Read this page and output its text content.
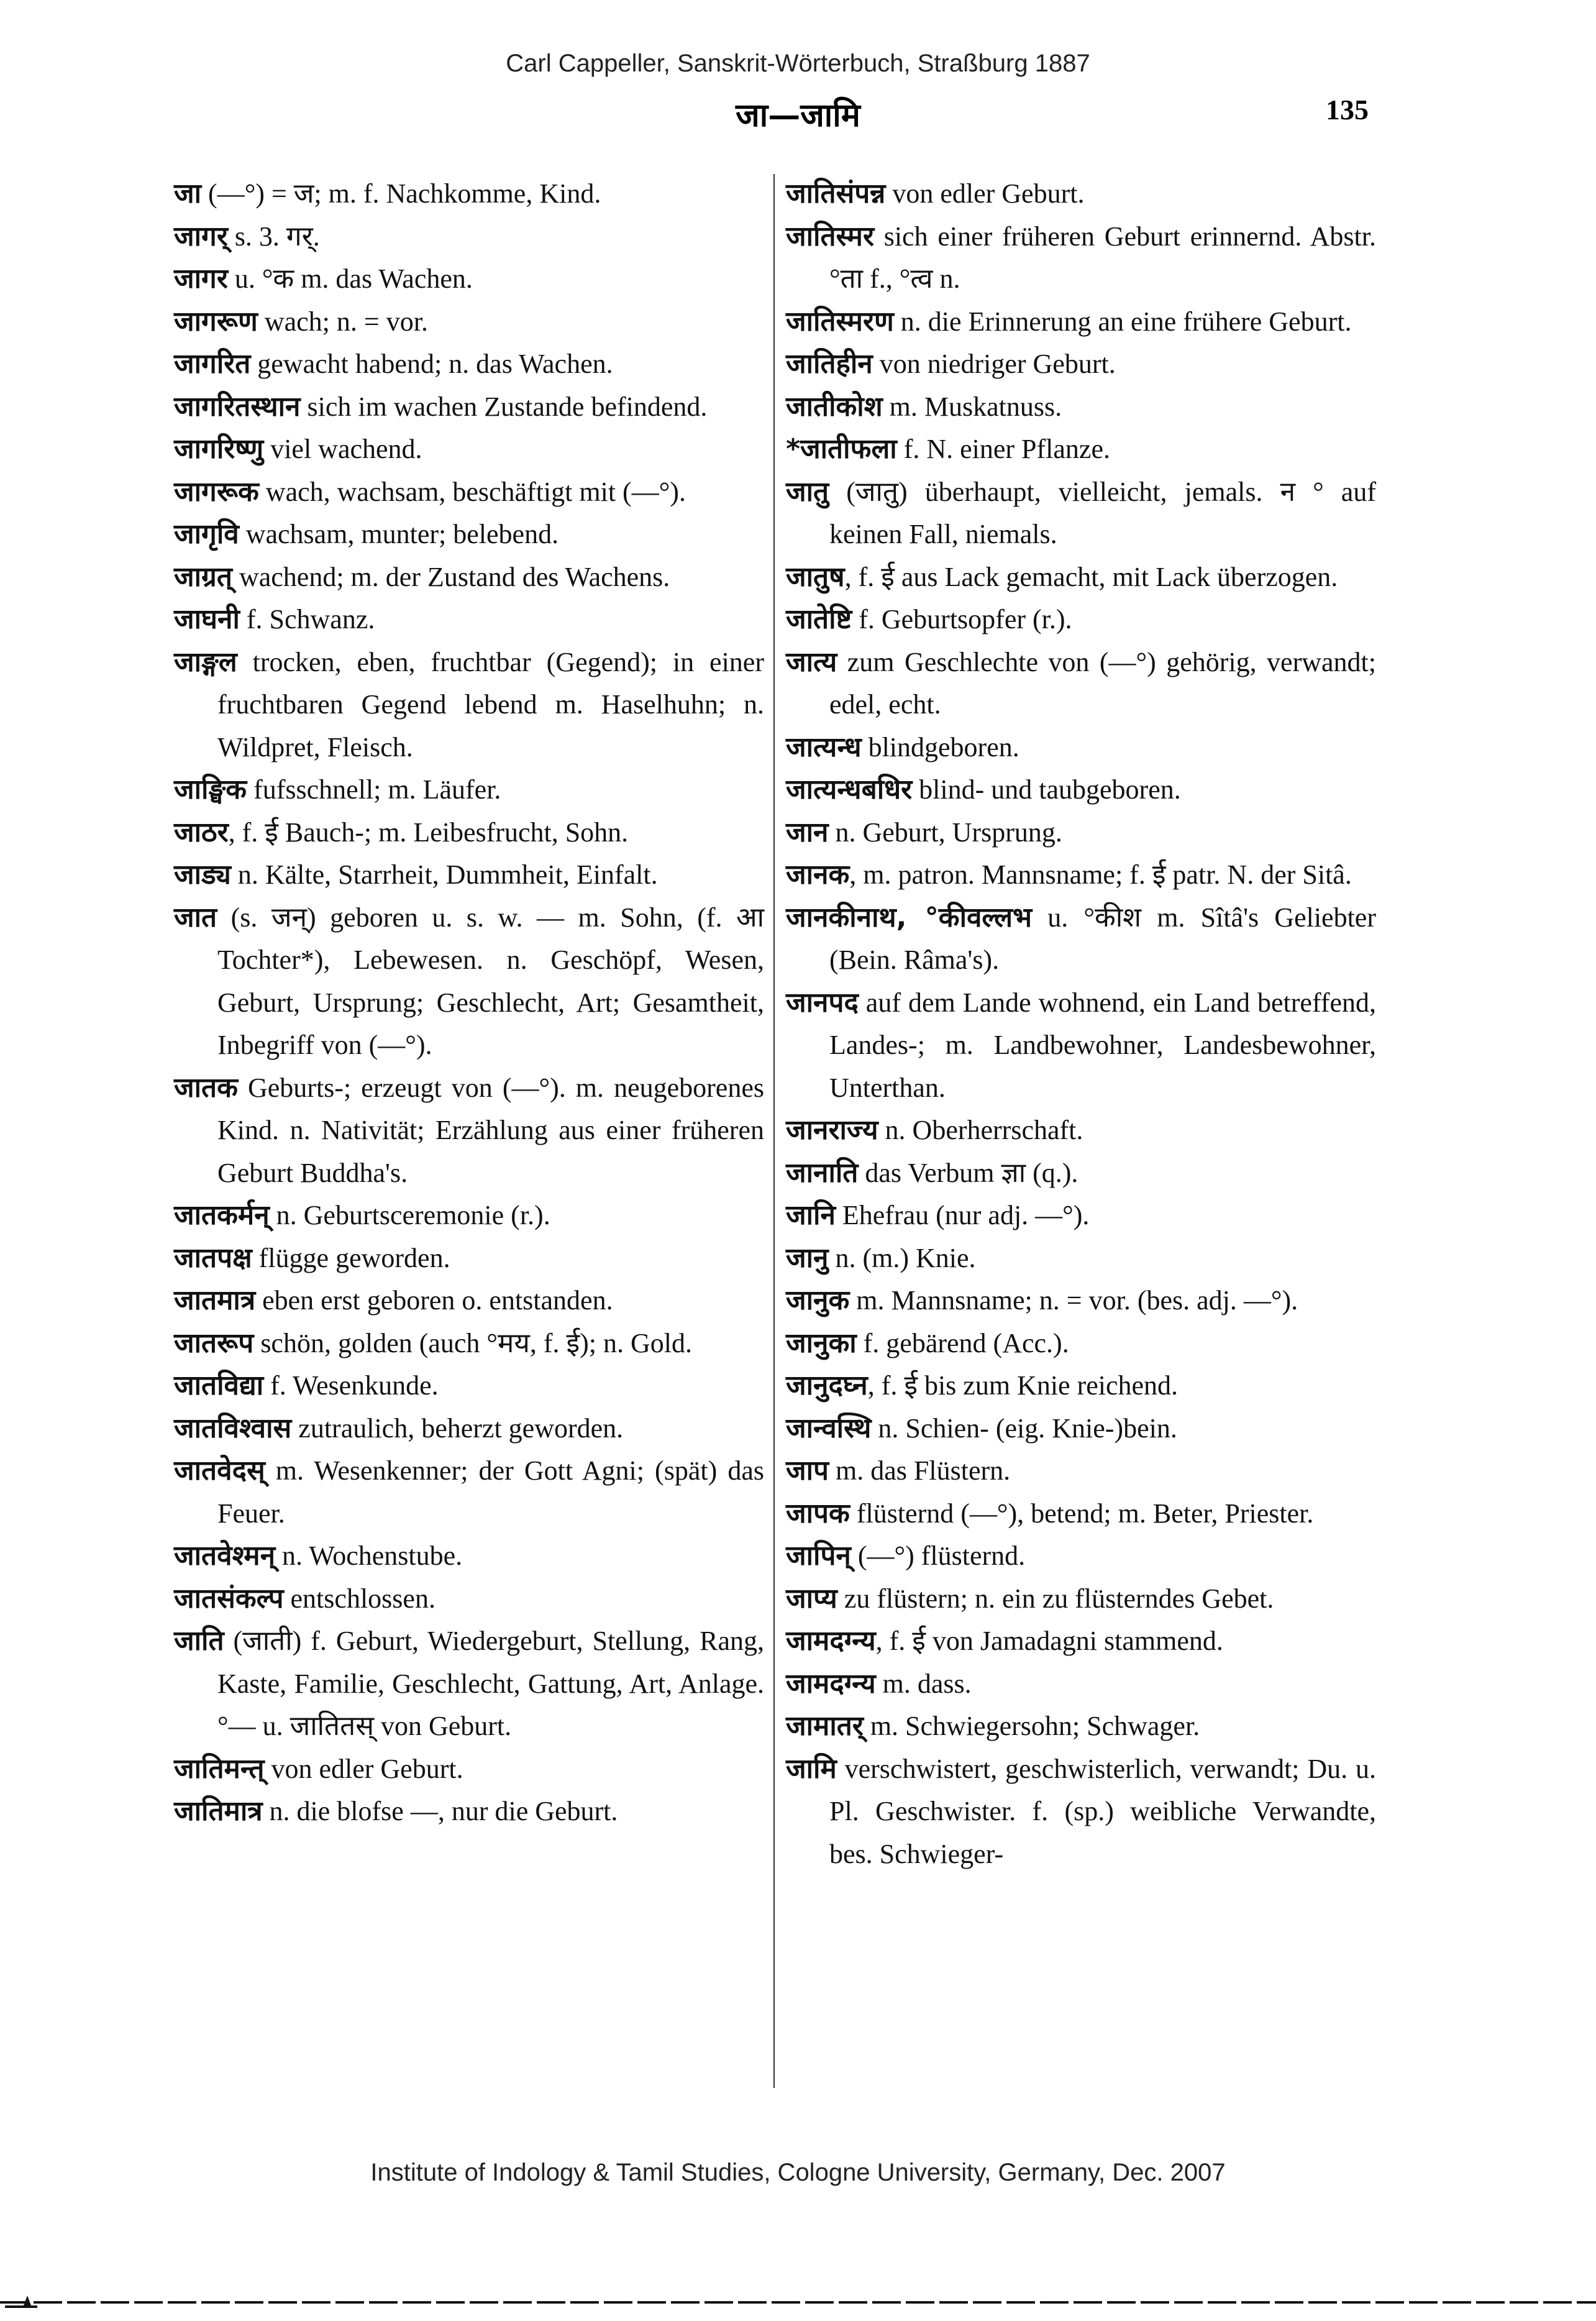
Carl Cappeller, Sanskrit-Wörterbuch, Straßburg 1887
जा—जामि	135

जा (—°) = ज; m. f. Nachkomme, Kind.

जागर् s. 3. गर्.

जागर u. °क m. das Wachen.

जागरूण wach; n. = vor.

जागरित gewacht habend; n. das Wachen.

जागरितस्थान sich im wachen Zustande befindend.

जागरिष्णु viel wachend.

जागरूक wach, wachsam, beschäftigt mit (—°).

जागृवि wachsam, munter; belebend.

जाग्रत् wachend; m. der Zustand des Wachens.

जाघनी f. Schwanz.

जाङ्गल trocken, eben, fruchtbar (Gegend); in einer fruchtbaren Gegend lebend m. Haselhuhn; n. Wildpret, Fleisch.

जाङ्घिक fufsschnell; m. Läufer.

जाठर, f. ई Bauch-; m. Leibesfrucht, Sohn.

जाड्य n. Kälte, Starrheit, Dummheit, Einfalt.

जात (s. जन्) geboren u. s. w. — m. Sohn, (f. आ Tochter*), Lebewesen. n. Geschöpf, Wesen, Geburt, Ursprung; Geschlecht, Art; Gesamtheit, Inbegriff von (—°).

जातक Geburts-; erzeugt von (—°). m. neugeborenes Kind. n. Nativität; Erzählung aus einer früheren Geburt Buddha's.

जातकर्मन् n. Geburtsceremonie (r.).

जातपक्ष flügge geworden.

जातमात्र eben erst geboren o. entstanden.

जातरूप schön, golden (auch °मय, f. ई); n. Gold.

जातविद्या f. Wesenkunde.

जातविश्वास zutraulich, beherzt geworden.

जातवेदस् m. Wesenkenner; der Gott Agni; (spät) das Feuer.

जातवेश्मन् n. Wochenstube.

जातसंकल्प entschlossen.

जाति (जाती) f. Geburt, Wiedergeburt, Stellung, Rang, Kaste, Familie, Geschlecht, Gattung, Art, Anlage. °— u. जातितस् von Geburt.

जातिमन्त् von edler Geburt.

जातिमात्र n. die blofse —, nur die Geburt.

जातिसंपन्न von edler Geburt.

जातिस्मर sich einer früheren Geburt erinnernd. Abstr. °ता f., °त्व n.

जातिस्मरण n. die Erinnerung an eine frühere Geburt.

जातिहीन von niedriger Geburt.

जातीकोश m. Muskatnuss.

*जातीफला f. N. einer Pflanze.

जातु (जातु) überhaupt, vielleicht, jemals. न ° auf keinen Fall, niemals.

जातुष, f. ई aus Lack gemacht, mit Lack überzogen.

जातेष्टि f. Geburtsopfer (r.).

जात्य zum Geschlechte von (—°) gehörig, verwandt; edel, echt.

जात्यन्ध blindgeboren.

जात्यन्धबधिर blind- und taubgeboren.

जान n. Geburt, Ursprung.

जानक, m. patron. Mannsname; f. ई patr. N. der Sitâ.

जानकीनाथ, °कीवल्लभ u. °कीश m. Sîtâ's Geliebter (Bein. Râma's).

जानपद auf dem Lande wohnend, ein Land betreffend, Landes-; m. Landbewohner, Landesbewohner, Unterthan.

जानराज्य n. Oberherrschaft.

जानाति das Verbum ज्ञा (q.).

जानि Ehefrau (nur adj. —°).

जानु n. (m.) Knie.

जानुक m. Mannsname; n. = vor. (bes. adj. —°).

जानुका f. gebärend (Acc.).

जानुदघ्न, f. ई bis zum Knie reichend.

जान्वस्थि n. Schien- (eig. Knie-)bein.

जाप m. das Flüstern.

जापक flüsternd (—°), betend; m. Beter, Priester.

जापिन् (—°) flüsternd.

जाप्य zu flüstern; n. ein zu flüsterndes Gebet.

जामदग्न्य, f. ई von Jamadagni stammend.

जामदग्न्य m. dass.

जामातर् m. Schwiegersohn; Schwager.

जामि verschwistert, geschwisterlich, verwandt; Du. u. Pl. Geschwister. f. (sp.) weibliche Verwandte, bes. Schwieger-

Institute of Indology & Tamil Studies, Cologne University, Germany, Dec. 2007
